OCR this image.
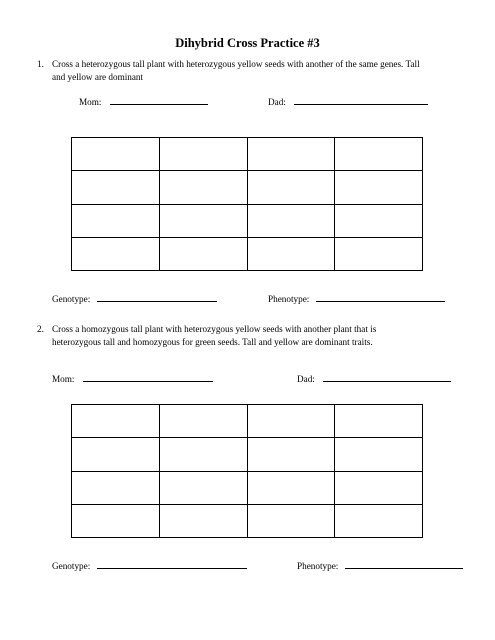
Dihybrid Cross Practice #3
1. Cross a heterozygous tall plant with heterozygous yellow seeds with another of the same genes. Tall
and yellow are dominant
Mom:	Dad:

Genotype:	Phenotype:
2. Cross a homozygous tall plant with heterozygous yellow seeds with another plant that is
heterozygous tall and homozygous for green seeds. Tall and yellow are dominant traits.
Mom:	Dad:

Genotype:	Phenotype:
